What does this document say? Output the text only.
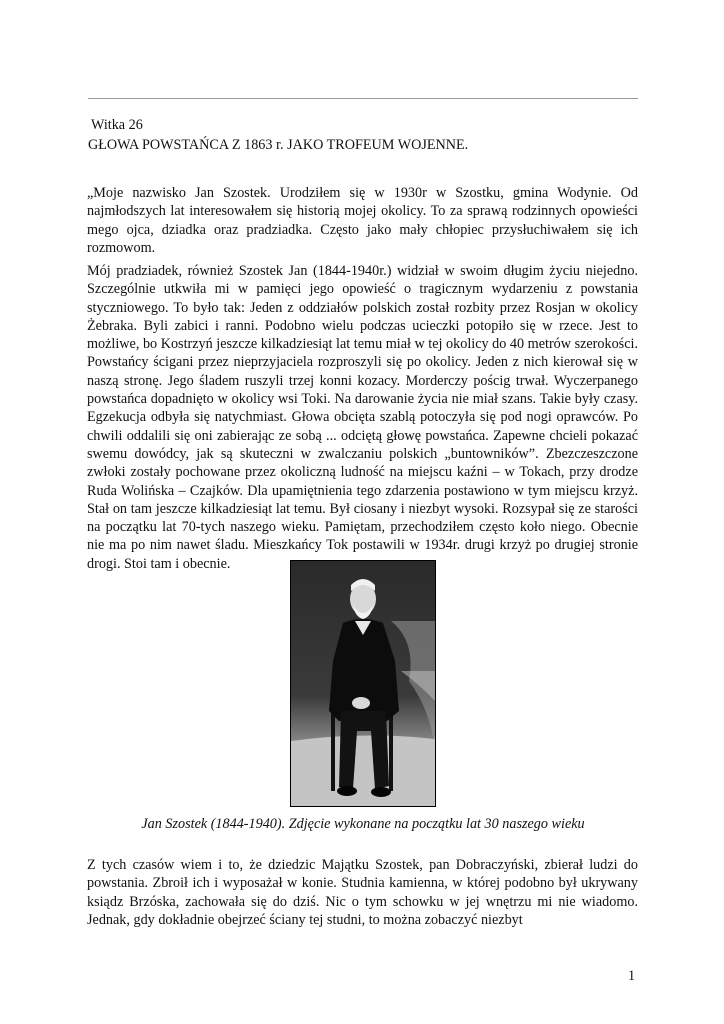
Witka 26
GŁOWA POWSTAŃCA Z 1863 r. JAKO TROFEUM WOJENNE.

„Moje nazwisko Jan Szostek. Urodziłem się w 1930r w Szostku, gmina Wodynie. Od najmłodszych lat interesowałem się historią mojej okolicy. To za sprawą rodzinnych opowieści mego ojca, dziadka oraz pradziadka. Często jako mały chłopiec przysłuchiwałem się ich rozmowom.

Mój pradziadek, również Szostek Jan (1844-1940r.) widział w swoim długim życiu niejedno. Szczególnie utkwiła mi w pamięci jego opowieść o tragicznym wydarzeniu z powstania styczniowego. To było tak: Jeden z oddziałów polskich został rozbity przez Rosjan w okolicy Żebraka. Byli zabici i ranni. Podobno wielu podczas ucieczki potopiło się w rzece. Jest to możliwe, bo Kostrzyń jeszcze kilkadziesiąt lat temu miał w tej okolicy do 40 metrów szerokości. Powstańcy ścigani przez nieprzyjaciela rozproszyli się po okolicy. Jeden z nich kierował się w naszą stronę. Jego śladem ruszyli trzej konni kozacy. Morderczy pościg trwał. Wyczerpanego powstańca dopadnięto w okolicy wsi Toki. Na darowanie życia nie miał szans. Takie były czasy. Egzekucja odbyła się natychmiast. Głowa obcięta szablą potoczyła się pod nogi oprawców. Po chwili oddalili się oni zabierając ze sobą ... odciętą głowę powstańca. Zapewne chcieli pokazać swemu dowódcy, jak są skuteczni w zwalczaniu polskich „buntowników”. Zbezczeszczone zwłoki zostały pochowane przez okoliczną ludność na miejscu kaźni – w Tokach, przy drodze Ruda Wolińska – Czajków. Dla upamiętnienia tego zdarzenia postawiono w tym miejscu krzyż. Stał on tam jeszcze kilkadziesiąt lat temu. Był ciosany i niezbyt wysoki. Rozsypał się ze starości na początku lat 70-tych naszego wieku. Pamiętam, przechodziłem często koło niego. Obecnie nie ma po nim nawet śladu. Mieszkańcy Tok postawili w 1934r. drugi krzyż po drugiej stronie drogi. Stoi tam i obecnie.

Jan Szostek (1844-1940). Zdjęcie wykonane na początku lat 30 naszego wieku

Z tych czasów wiem i to, że dziedzic Majątku Szostek, pan Dobraczyński, zbierał ludzi do powstania. Zbroił ich i wyposażał w konie. Studnia kamienna, w której podobno był ukrywany ksiądz Brzóska, zachowała się do dziś. Nic o tym schowku w jej wnętrzu mi nie wiadomo. Jednak, gdy dokładnie obejrzeć ściany tej studni, to można zobaczyć niezbyt

1
